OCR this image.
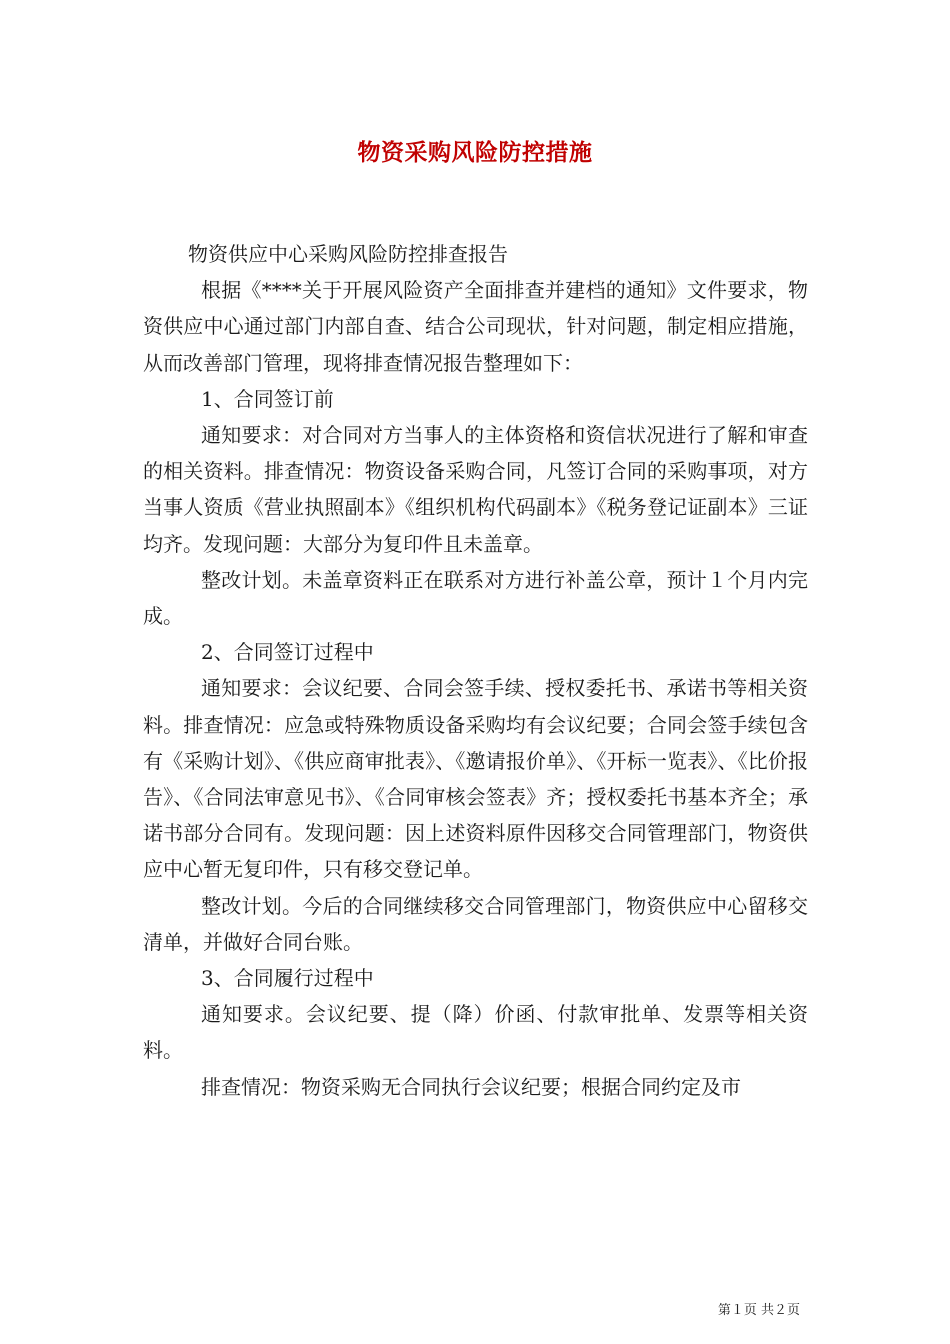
物资采购风险防控措施

物资供应中心采购风险防控排查报告

根据《****关于开展风险资产全面排查并建档的通知》文件要求，物资供应中心通过部门内部自查、结合公司现状，针对问题，制定相应措施，从而改善部门管理，现将排查情况报告整理如下：

1、合同签订前

通知要求：对合同对方当事人的主体资格和资信状况进行了解和审查的相关资料。排查情况：物资设备采购合同，凡签订合同的采购事项，对方当事人资质《营业执照副本》《组织机构代码副本》《税务登记证副本》三证均齐。发现问题：大部分为复印件且未盖章。

整改计划。未盖章资料正在联系对方进行补盖公章，预计１个月内完成。

2、合同签订过程中

通知要求：会议纪要、合同会签手续、授权委托书、承诺书等相关资料。排查情况：应急或特殊物质设备采购均有会议纪要；合同会签手续包含有《采购计划》、《供应商审批表》、《邀请报价单》、《开标一览表》、《比价报告》、《合同法审意见书》、《合同审核会签表》齐；授权委托书基本齐全；承诺书部分合同有。发现问题：因上述资料原件因移交合同管理部门，物资供应中心暂无复印件，只有移交登记单。

整改计划。今后的合同继续移交合同管理部门，物资供应中心留移交清单，并做好合同台账。

3、合同履行过程中

通知要求。会议纪要、提（降）价函、付款审批单、发票等相关资料。

排查情况：物资采购无合同执行会议纪要；根据合同约定及市

第１页 共２页
